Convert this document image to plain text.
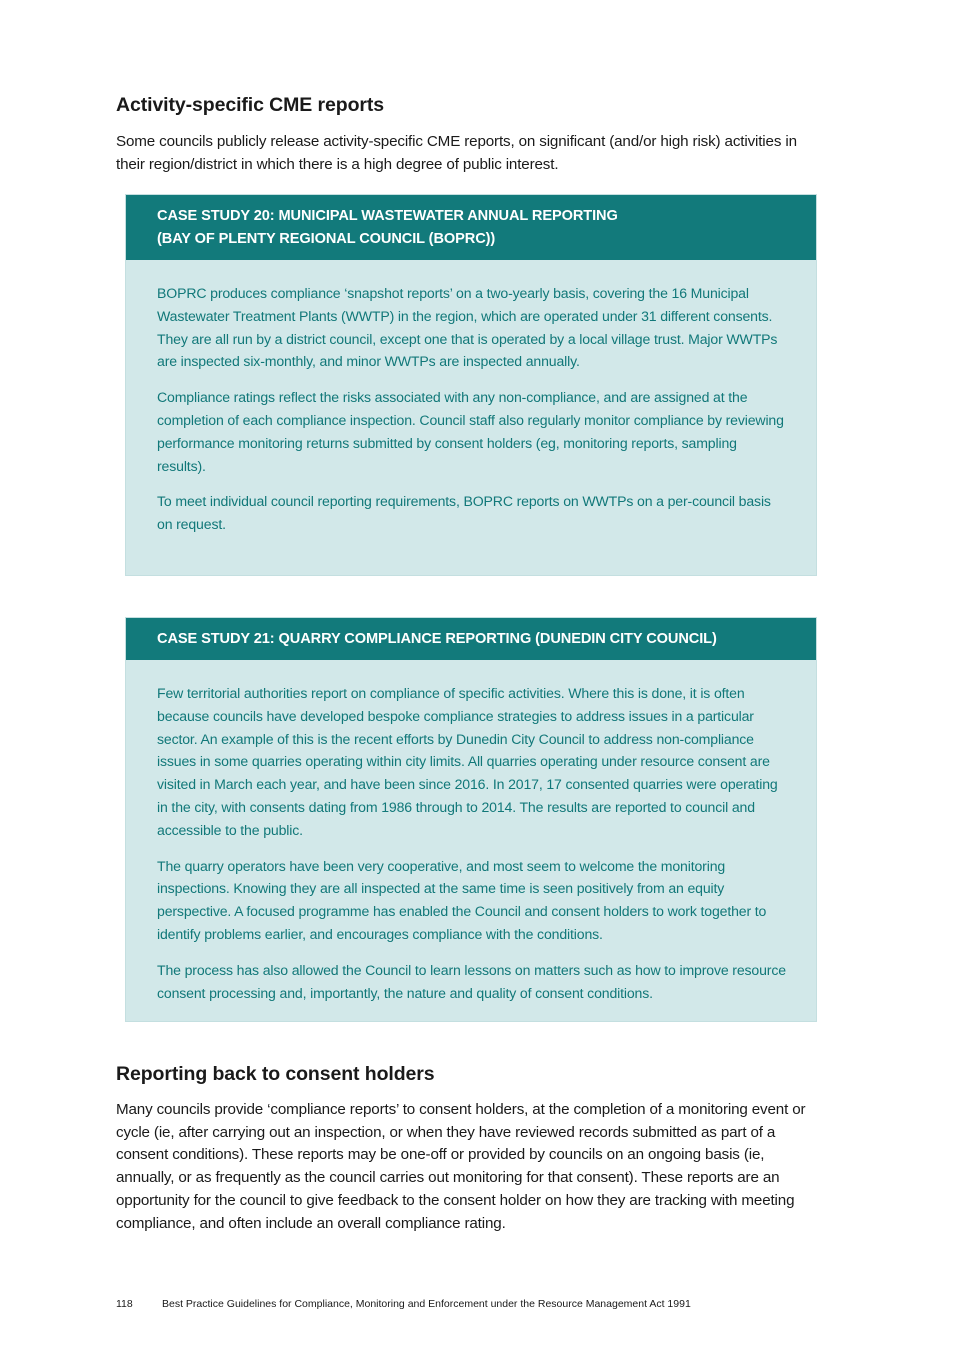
Activity-specific CME reports

Some councils publicly release activity-specific CME reports, on significant (and/or high risk) activities in their region/district in which there is a high degree of public interest.

CASE STUDY 20: MUNICIPAL WASTEWATER ANNUAL REPORTING
(BAY OF PLENTY REGIONAL COUNCIL (BOPRC))

BOPRC produces compliance ‘snapshot reports’ on a two-yearly basis, covering the 16 Municipal Wastewater Treatment Plants (WWTP) in the region, which are operated under 31 different consents. They are all run by a district council, except one that is operated by a local village trust. Major WWTPs are inspected six-monthly, and minor WWTPs are inspected annually.

Compliance ratings reflect the risks associated with any non-compliance, and are assigned at the completion of each compliance inspection. Council staff also regularly monitor compliance by reviewing performance monitoring returns submitted by consent holders (eg, monitoring reports, sampling results).

To meet individual council reporting requirements, BOPRC reports on WWTPs on a per-council basis on request.

CASE STUDY 21: QUARRY COMPLIANCE REPORTING (DUNEDIN CITY COUNCIL)

Few territorial authorities report on compliance of specific activities. Where this is done, it is often because councils have developed bespoke compliance strategies to address issues in a particular sector. An example of this is the recent efforts by Dunedin City Council to address non-compliance issues in some quarries operating within city limits. All quarries operating under resource consent are visited in March each year, and have been since 2016. In 2017, 17 consented quarries were operating in the city, with consents dating from 1986 through to 2014. The results are reported to council and accessible to the public.

The quarry operators have been very cooperative, and most seem to welcome the monitoring inspections. Knowing they are all inspected at the same time is seen positively from an equity perspective. A focused programme has enabled the Council and consent holders to work together to identify problems earlier, and encourages compliance with the conditions.

The process has also allowed the Council to learn lessons on matters such as how to improve resource consent processing and, importantly, the nature and quality of consent conditions.

Reporting back to consent holders

Many councils provide ‘compliance reports’ to consent holders, at the completion of a monitoring event or cycle (ie, after carrying out an inspection, or when they have reviewed records submitted as part of a consent conditions). These reports may be one-off or provided by councils on an ongoing basis (ie, annually, or as frequently as the council carries out monitoring for that consent). These reports are an opportunity for the council to give feedback to the consent holder on how they are tracking with meeting compliance, and often include an overall compliance rating.

118	Best Practice Guidelines for Compliance, Monitoring and Enforcement under the Resource Management Act 1991
